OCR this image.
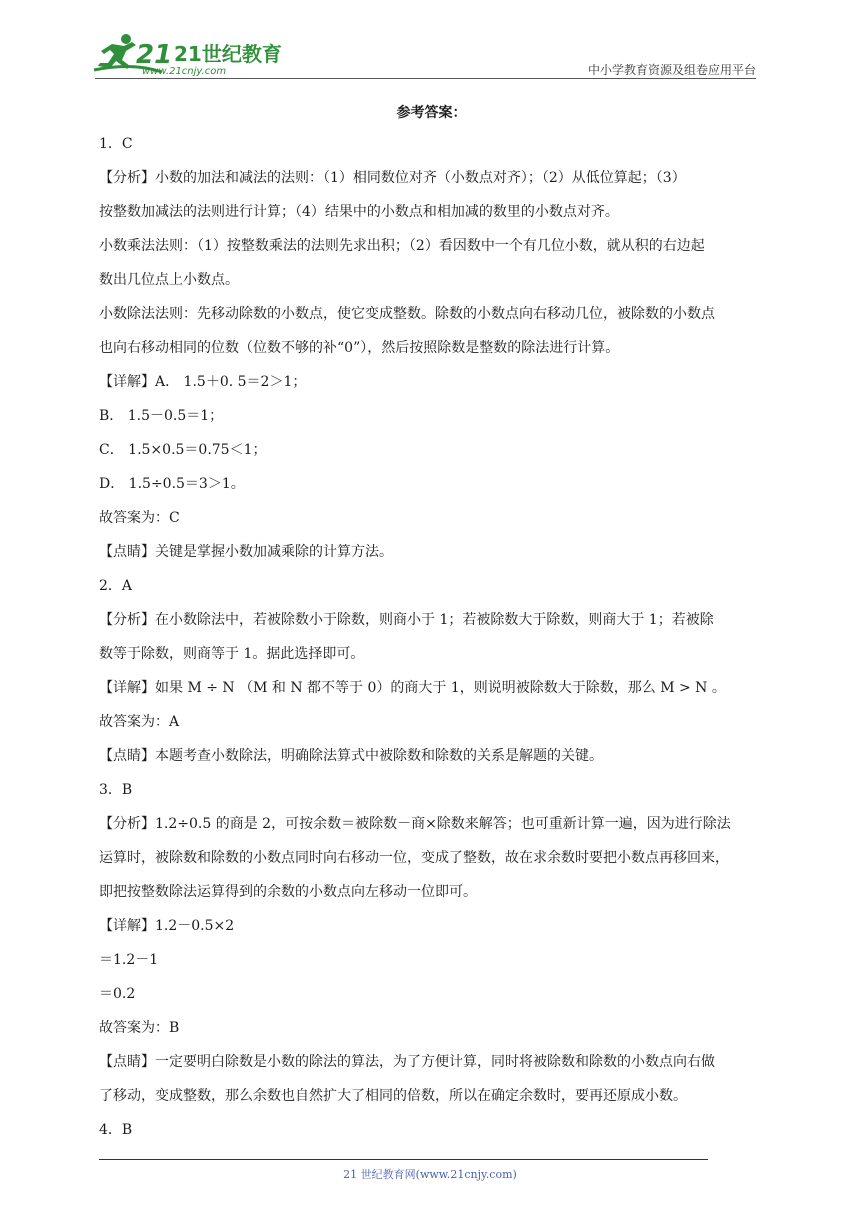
21 21世纪教育
www.21cnjy.com	中小学教育资源及组卷应用平台
参考答案：
1．C
【分析】小数的加法和减法的法则：（1）相同数位对齐（小数点对齐）；（2）从低位算起；（3）
按整数加减法的法则进行计算；（4）结果中的小数点和相加减的数里的小数点对齐。
小数乘法法则：（1）按整数乘法的法则先求出积；（2）看因数中一个有几位小数，就从积的右边起
数出几位点上小数点。
小数除法法则：先移动除数的小数点，使它变成整数。除数的小数点向右移动几位，被除数的小数点
也向右移动相同的位数（位数不够的补“0”），然后按照除数是整数的除法进行计算。
【详解】A． 1.5＋0. 5＝2＞1；
B． 1.5－0.5＝1；
C． 1.5×0.5＝0.75＜1；
D． 1.5÷0.5＝3＞1。
故答案为：C
【点睛】关键是掌握小数加减乘除的计算方法。
2．A
【分析】在小数除法中，若被除数小于除数，则商小于 1；若被除数大于除数，则商大于 1；若被除
数等于除数，则商等于 1。据此选择即可。
【详解】如果 M ÷ N （M 和 N 都不等于 0）的商大于 1，则说明被除数大于除数，那么 M > N 。
故答案为：A
【点睛】本题考查小数除法，明确除法算式中被除数和除数的关系是解题的关键。
3．B
【分析】1.2÷0.5 的商是 2，可按余数＝被除数－商×除数来解答；也可重新计算一遍，因为进行除法
运算时，被除数和除数的小数点同时向右移动一位，变成了整数，故在求余数时要把小数点再移回来，
即把按整数除法运算得到的余数的小数点向左移动一位即可。
【详解】1.2－0.5×2
＝1.2－1
＝0.2
故答案为：B
【点睛】一定要明白除数是小数的除法的算法，为了方便计算，同时将被除数和除数的小数点向右做
了移动，变成整数，那么余数也自然扩大了相同的倍数，所以在确定余数时，要再还原成小数。
4．B
21 世纪教育网(www.21cnjy.com)
